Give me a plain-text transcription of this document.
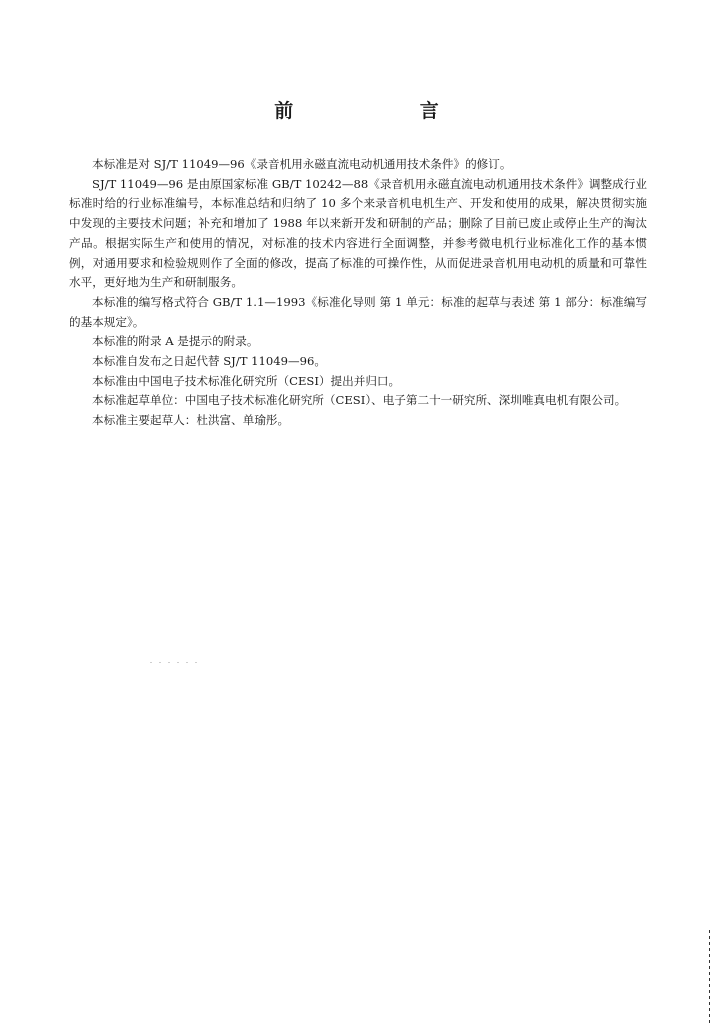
前 言

本标准是对 SJ/T 11049—96《录音机用永磁直流电动机通用技术条件》的修订。

SJ/T 11049—96 是由原国家标准 GB/T 10242—88《录音机用永磁直流电动机通用技术条件》调整成行业标准时给的行业标准编号，本标准总结和归纳了 10 多个来录音机电机生产、开发和使用的成果，解决贯彻实施中发现的主要技术问题；补充和增加了 1988 年以来新开发和研制的产品；删除了目前已废止或停止生产的淘汰产品。根据实际生产和使用的情况，对标准的技术内容进行全面调整，并参考微电机行业标准化工作的基本惯例，对通用要求和检验规则作了全面的修改，提高了标准的可操作性，从而促进录音机用电动机的质量和可靠性水平，更好地为生产和研制服务。

本标准的编写格式符合 GB/T 1.1—1993《标准化导则 第 1 单元：标准的起草与表述 第 1 部分：标准编写的基本规定》。

本标准的附录 A 是提示的附录。

本标准自发布之日起代替 SJ/T 11049—96。

本标准由中国电子技术标准化研究所（CESI）提出并归口。

本标准起草单位：中国电子技术标准化研究所（CESI）、电子第二十一研究所、深圳唯真电机有限公司。

本标准主要起草人：杜洪富、单瑜彤。
